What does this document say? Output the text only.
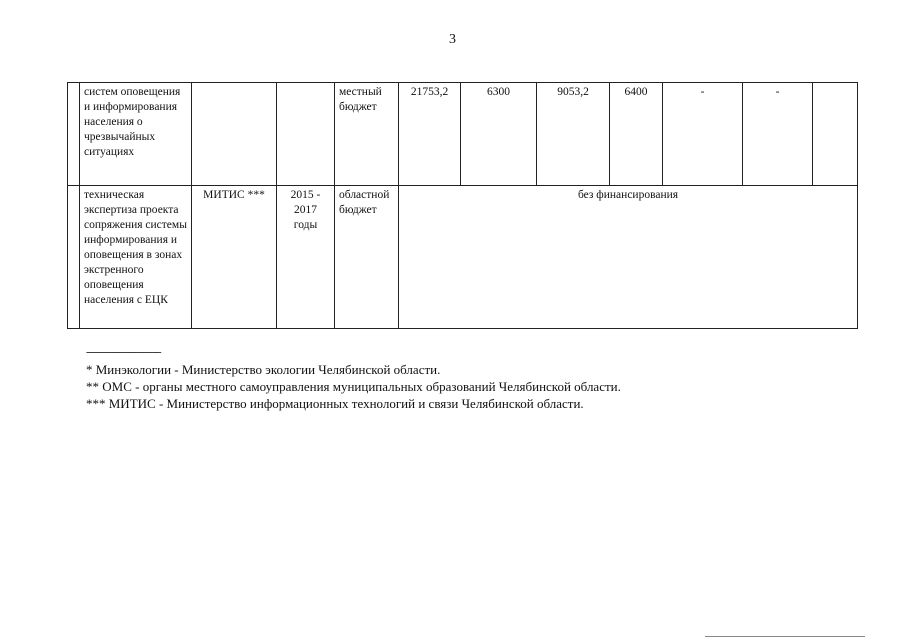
3
	систем оповещения и информирования населения о чрезвычайных ситуациях			местный бюджет	21753,2	6300	9053,2	6400	-	-	
	техническая экспертиза проекта сопряжения системы информирования и оповещения в зонах экстренного оповещения населения с ЕЦК	МИТИС ***	2015 - 2017 годы	областной бюджет	без финансирования						
--------------------------------
* Минэкологии - Министерство экологии Челябинской области.
** ОМС - органы местного самоуправления муниципальных образований Челябинской области.
*** МИТИС - Министерство информационных технологий и связи Челябинской области.
